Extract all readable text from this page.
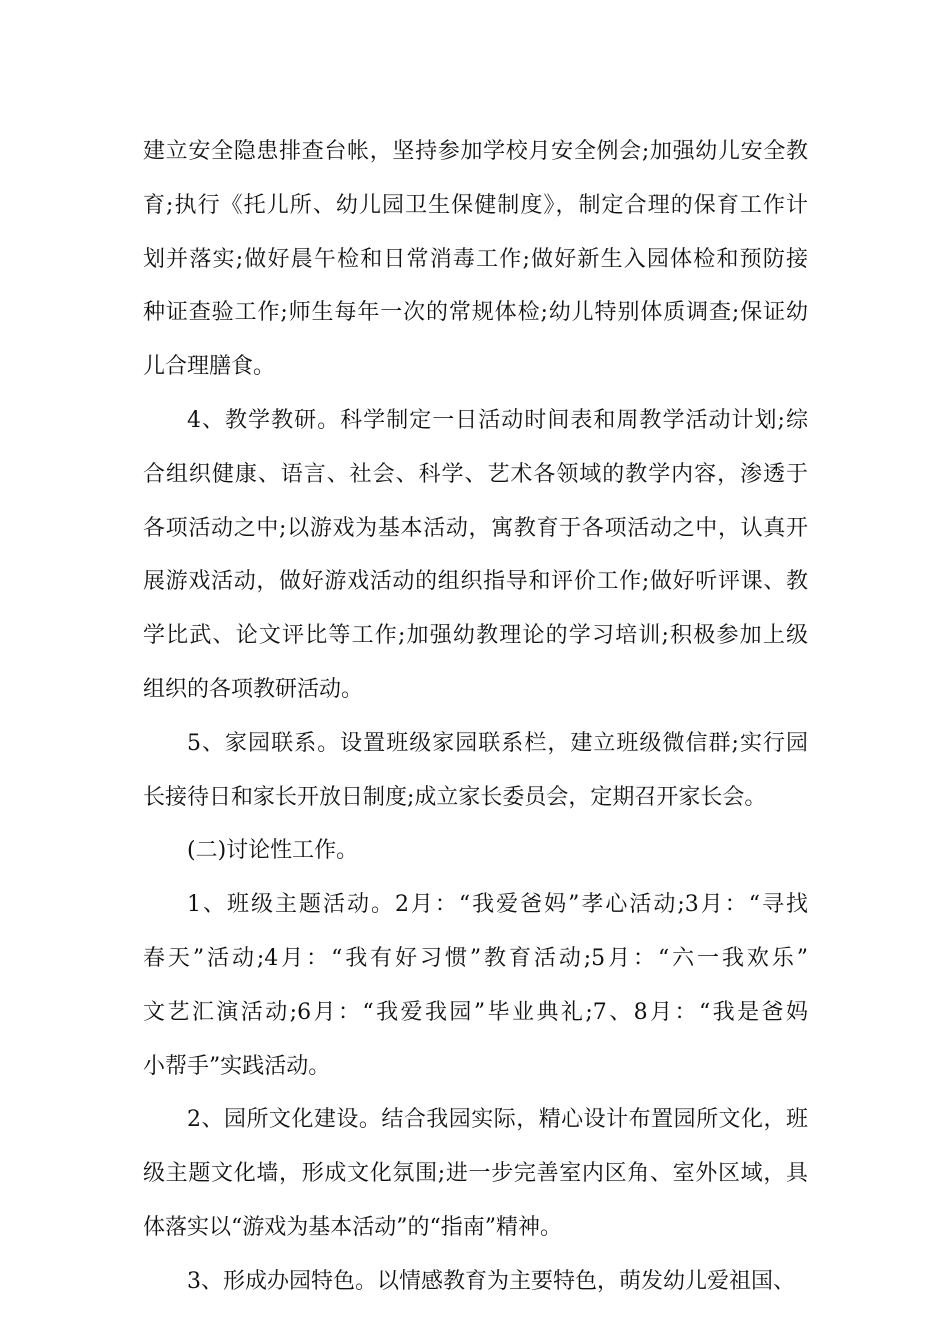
建立安全隐患排查台帐，坚持参加学校月安全例会;加强幼儿安全教
育;执行《托儿所、幼儿园卫生保健制度》，制定合理的保育工作计
划并落实;做好晨午检和日常消毒工作;做好新生入园体检和预防接
种证查验工作;师生每年一次的常规体检;幼儿特别体质调查;保证幼
儿合理膳食。
4、教学教研。科学制定一日活动时间表和周教学活动计划;综
合组织健康、语言、社会、科学、艺术各领域的教学内容，渗透于
各项活动之中;以游戏为基本活动，寓教育于各项活动之中，认真开
展游戏活动，做好游戏活动的组织指导和评价工作;做好听评课、教
学比武、论文评比等工作;加强幼教理论的学习培训;积极参加上级
组织的各项教研活动。
5、家园联系。设置班级家园联系栏，建立班级微信群;实行园
长接待日和家长开放日制度;成立家长委员会，定期召开家长会。
(二)讨论性工作。
1、班级主题活动。2月：“我爱爸妈”孝心活动;3月：“寻找
春天”活动;4月：“我有好习惯”教育活动;5月：“六一我欢乐”
文艺汇演活动;6月：“我爱我园”毕业典礼;7、8月：“我是爸妈
小帮手”实践活动。
2、园所文化建设。结合我园实际，精心设计布置园所文化，班
级主题文化墙，形成文化氛围;进一步完善室内区角、室外区域，具
体落实以“游戏为基本活动”的“指南”精神。
3、形成办园特色。以情感教育为主要特色，萌发幼儿爱祖国、
